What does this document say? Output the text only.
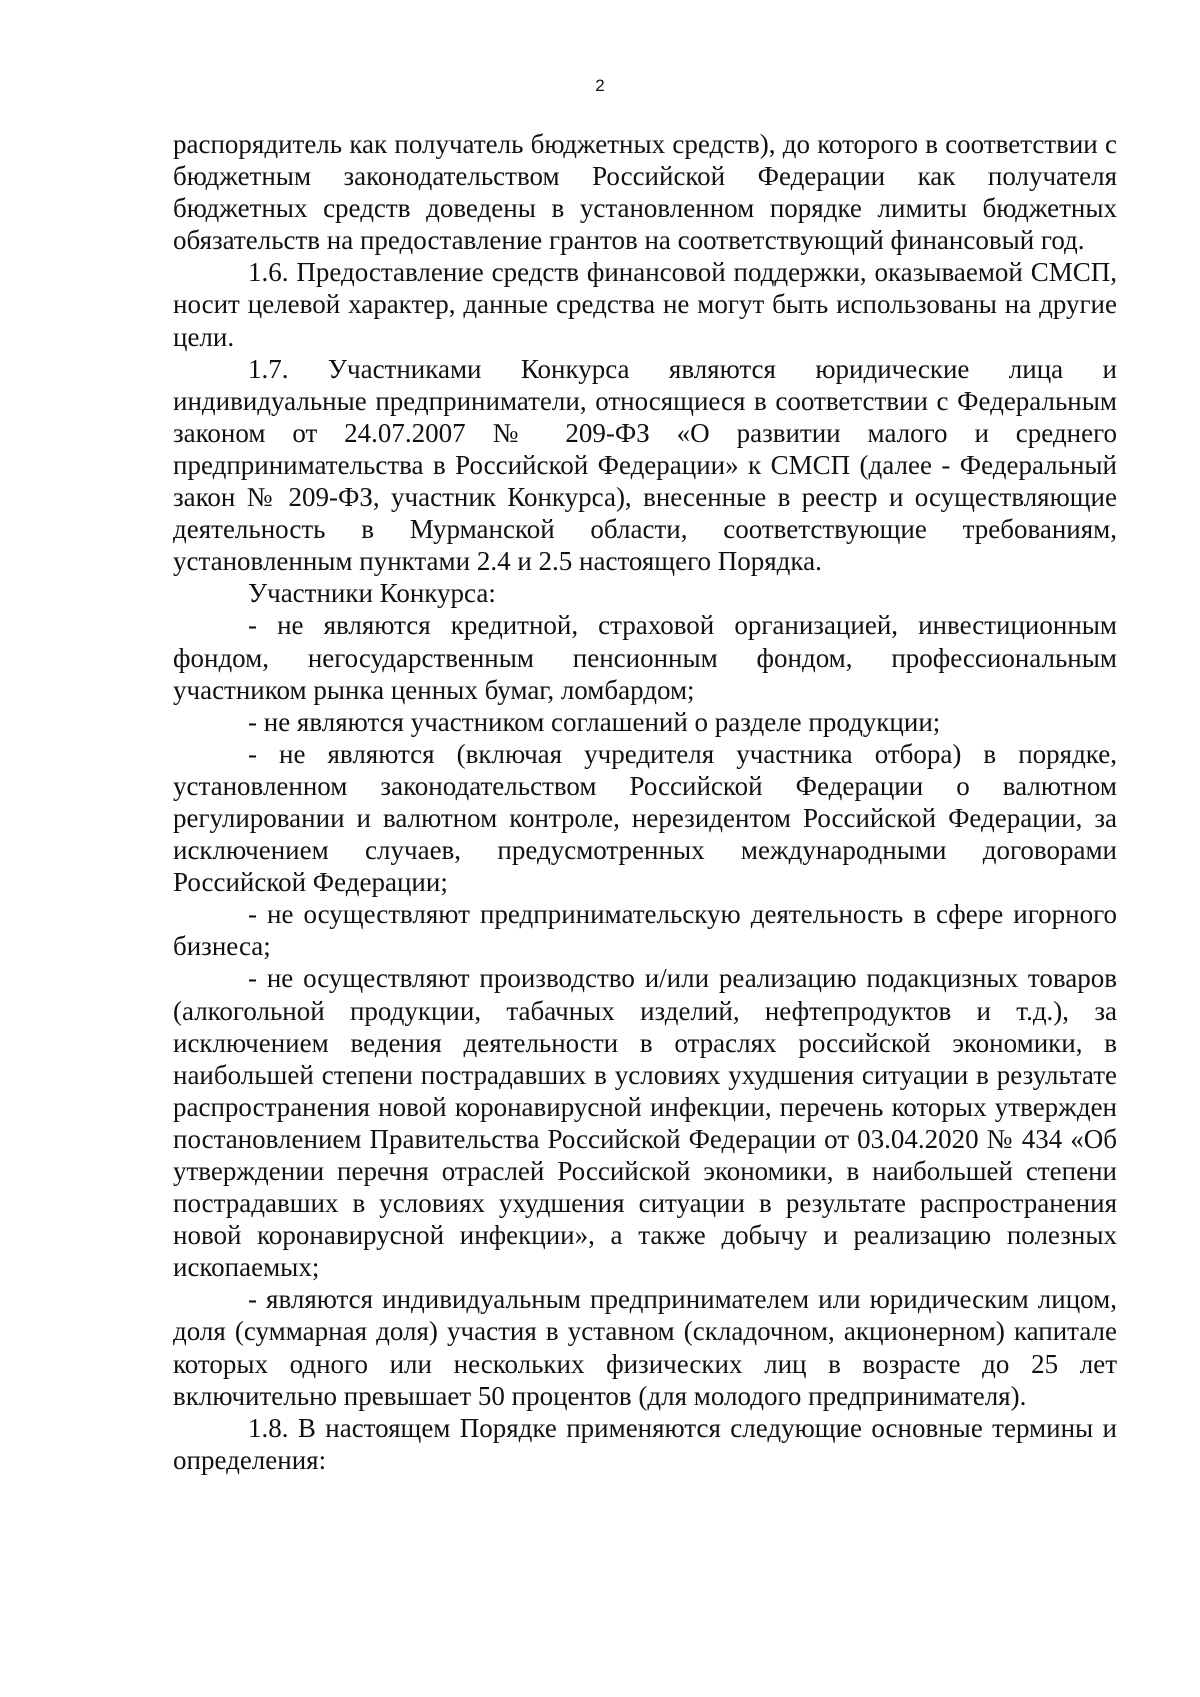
2

распорядитель как получатель бюджетных средств), до которого в соответствии с бюджетным законодательством Российской Федерации как получателя бюджетных средств доведены в установленном порядке лимиты бюджетных обязательств на предоставление грантов на соответствующий финансовый год.

1.6. Предоставление средств финансовой поддержки, оказываемой СМСП, носит целевой характер, данные средства не могут быть использованы на другие цели.

1.7. Участниками Конкурса являются юридические лица и индивидуальные предприниматели, относящиеся в соответствии с Федеральным законом от 24.07.2007 № 209-ФЗ «О развитии малого и среднего предпринимательства в Российской Федерации» к СМСП (далее - Федеральный закон № 209-ФЗ, участник Конкурса), внесенные в реестр и осуществляющие деятельность в Мурманской области, соответствующие требованиям, установленным пунктами 2.4 и 2.5 настоящего Порядка.

Участники Конкурса:

- не являются кредитной, страховой организацией, инвестиционным фондом, негосударственным пенсионным фондом, профессиональным участником рынка ценных бумаг, ломбардом;

- не являются участником соглашений о разделе продукции;

- не являются (включая учредителя участника отбора) в порядке, установленном законодательством Российской Федерации о валютном регулировании и валютном контроле, нерезидентом Российской Федерации, за исключением случаев, предусмотренных международными договорами Российской Федерации;

- не осуществляют предпринимательскую деятельность в сфере игорного бизнеса;

- не осуществляют производство и/или реализацию подакцизных товаров (алкогольной продукции, табачных изделий, нефтепродуктов и т.д.), за исключением ведения деятельности в отраслях российской экономики, в наибольшей степени пострадавших в условиях ухудшения ситуации в результате распространения новой коронавирусной инфекции, перечень которых утвержден постановлением Правительства Российской Федерации от 03.04.2020 № 434 «Об утверждении перечня отраслей Российской экономики, в наибольшей степени пострадавших в условиях ухудшения ситуации в результате распространения новой коронавирусной инфекции», а также добычу и реализацию полезных ископаемых;

- являются индивидуальным предпринимателем или юридическим лицом, доля (суммарная доля) участия в уставном (складочном, акционерном) капитале которых одного или нескольких физических лиц в возрасте до 25 лет включительно превышает 50 процентов (для молодого предпринимателя).

1.8. В настоящем Порядке применяются следующие основные термины и определения:
